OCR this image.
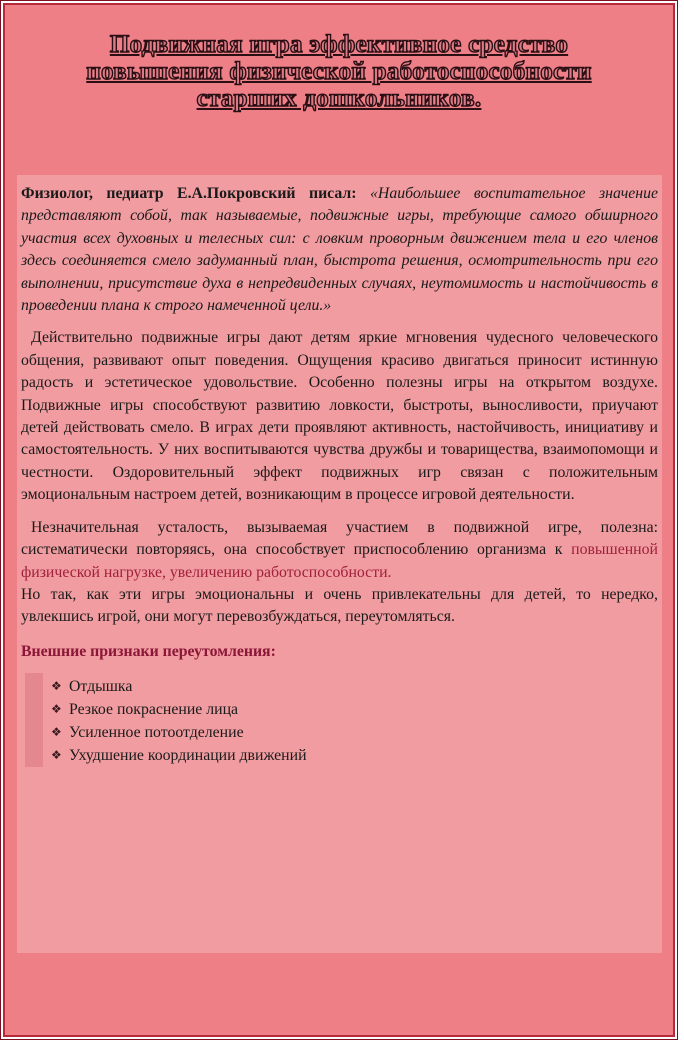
Подвижная игра эффективное средство
повышения физической работоспособности
старших дошкольников.

Физиолог, педиатр Е.А.Покровский писал: «Наибольшее воспитательное значение представляют собой, так называемые, подвижные игры, требующие самого обширного участия всех духовных и телесных сил: с ловким проворным движением тела и его членов здесь соединяется смело задуманный план, быстрота решения, осмотрительность при его выполнении, присутствие духа в непредвиденных случаях, неутомимость и настойчивость в проведении плана к строго намеченной цели.»

Действительно подвижные игры дают детям яркие мгновения чудесного человеческого общения, развивают опыт поведения. Ощущения красиво двигаться приносит истинную радость и эстетическое удовольствие. Особенно полезны игры на открытом воздухе. Подвижные игры способствуют развитию ловкости, быстроты, выносливости, приучают детей действовать смело. В играх дети проявляют активность, настойчивость, инициативу и самостоятельность. У них воспитываются чувства дружбы и товарищества, взаимопомощи и честности. Оздоровительный эффект подвижных игр связан с положительным эмоциональным настроем детей, возникающим в процессе игровой деятельности.

Незначительная усталость, вызываемая участием в подвижной игре, полезна: систематически повторяясь, она способствует приспособлению организма к повышенной физической нагрузке, увеличению работоспособности.

Но так, как эти игры эмоциональны и очень привлекательны для детей, то нередко, увлекшись игрой, они могут перевозбуждаться, переутомляться.

Внешние признаки переутомления:
❖ Отдышка
❖ Резкое покраснение лица
❖ Усиленное потоотделение
❖ Ухудшение координации движений
